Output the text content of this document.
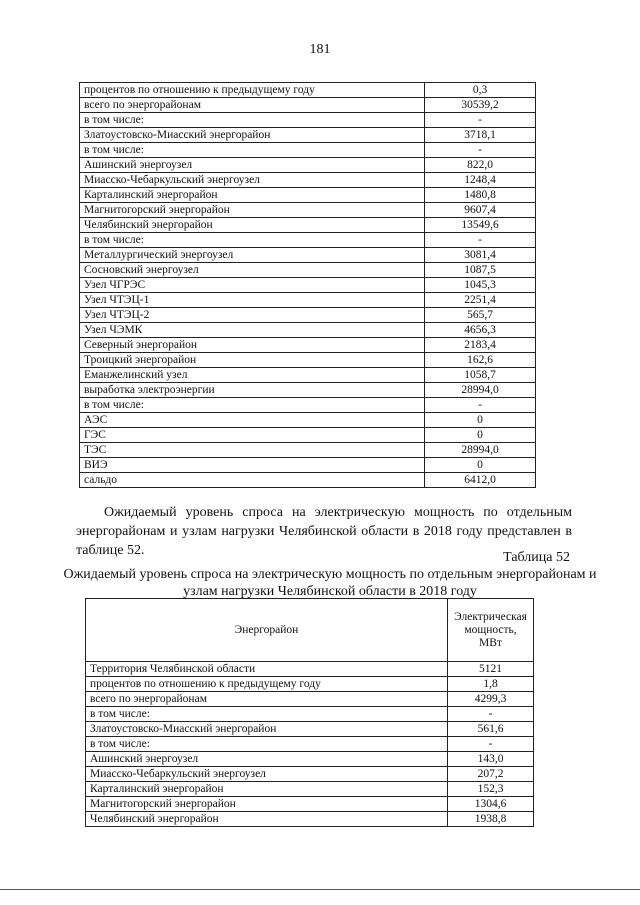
181
процентов по отношению к предыдущему году	0,3
всего по энергорайонам	30539,2
в том числе:	-
Златоустовско-Миасский энергорайон	3718,1
в том числе:	-
Ашинский энергоузел	822,0
Миасско-Чебаркульский энергоузел	1248,4
Карталинский энергорайон	1480,8
Магнитогорский энергорайон	9607,4
Челябинский энергорайон	13549,6
в том числе:	-
Металлургический энергоузел	3081,4
Сосновский энергоузел	1087,5
Узел ЧГРЭС	1045,3
Узел ЧТЭЦ-1	2251,4
Узел ЧТЭЦ-2	565,7
Узел ЧЭМК	4656,3
Северный энергорайон	2183,4
Троицкий энергорайон	162,6
Еманжелинский узел	1058,7
выработка электроэнергии	28994,0
в том числе:	-
АЭС	0
ГЭС	0
ТЭС	28994,0
ВИЭ	0
сальдо	6412,0
Ожидаемый уровень спроса на электрическую мощность по отдельным энергорайонам и узлам нагрузки Челябинской области в 2018 году представлен в таблице 52.	Таблица 52
Ожидаемый уровень спроса на электрическую мощность по отдельным энергорайонам и узлам нагрузки Челябинской области в 2018 году
Энергорайон	Электрическая мощность, МВт
Территория Челябинской области	5121
процентов по отношению к предыдущему году	1,8
всего по энергорайонам	4299,3
в том числе:	-
Златоустовско-Миасский энергорайон	561,6
в том числе:	-
Ашинский энергоузел	143,0
Миасско-Чебаркульский энергоузел	207,2
Карталинский энергорайон	152,3
Магнитогорский энергорайон	1304,6
Челябинский энергорайон	1938,8
